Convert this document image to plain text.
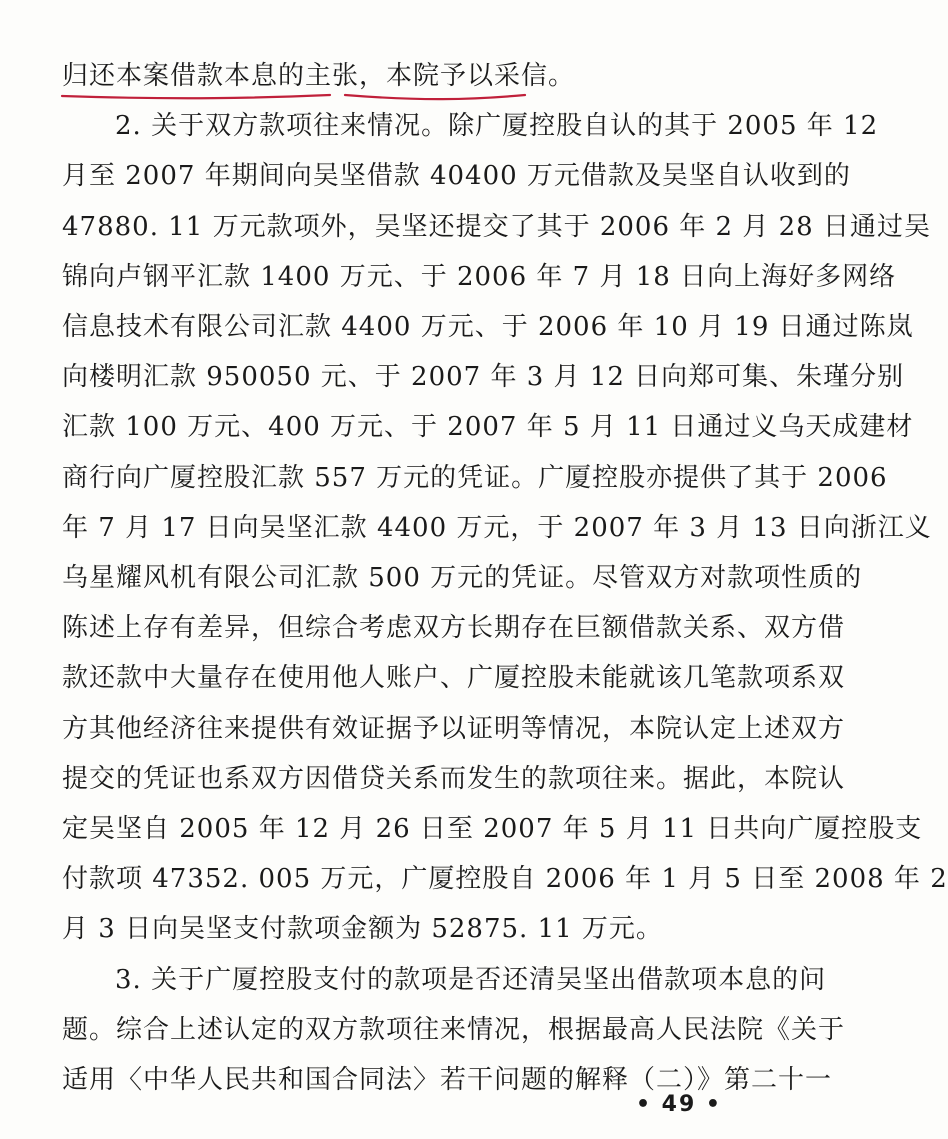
归还本案借款本息的主张，本院予以采信。
2. 关于双方款项往来情况。除广厦控股自认的其于 2005 年 12
月至 2007 年期间向吴坚借款 40400 万元借款及吴坚自认收到的
47880. 11 万元款项外，吴坚还提交了其于 2006 年 2 月 28 日通过吴
锦向卢钢平汇款 1400 万元、于 2006 年 7 月 18 日向上海好多网络
信息技术有限公司汇款 4400 万元、于 2006 年 10 月 19 日通过陈岚
向楼明汇款 950050 元、于 2007 年 3 月 12 日向郑可集、朱瑾分别
汇款 100 万元、400 万元、于 2007 年 5 月 11 日通过义乌天成建材
商行向广厦控股汇款 557 万元的凭证。广厦控股亦提供了其于 2006
年 7 月 17 日向吴坚汇款 4400 万元，于 2007 年 3 月 13 日向浙江义
乌星耀风机有限公司汇款 500 万元的凭证。尽管双方对款项性质的
陈述上存有差异，但综合考虑双方长期存在巨额借款关系、双方借
款还款中大量存在使用他人账户、广厦控股未能就该几笔款项系双
方其他经济往来提供有效证据予以证明等情况，本院认定上述双方
提交的凭证也系双方因借贷关系而发生的款项往来。据此，本院认
定吴坚自 2005 年 12 月 26 日至 2007 年 5 月 11 日共向广厦控股支
付款项 47352. 005 万元，广厦控股自 2006 年 1 月 5 日至 2008 年 2
月 3 日向吴坚支付款项金额为 52875. 11 万元。
3. 关于广厦控股支付的款项是否还清吴坚出借款项本息的问
题。综合上述认定的双方款项往来情况，根据最高人民法院《关于
适用〈中华人民共和国合同法〉若干问题的解释（二）》第二十一
• 49 •
